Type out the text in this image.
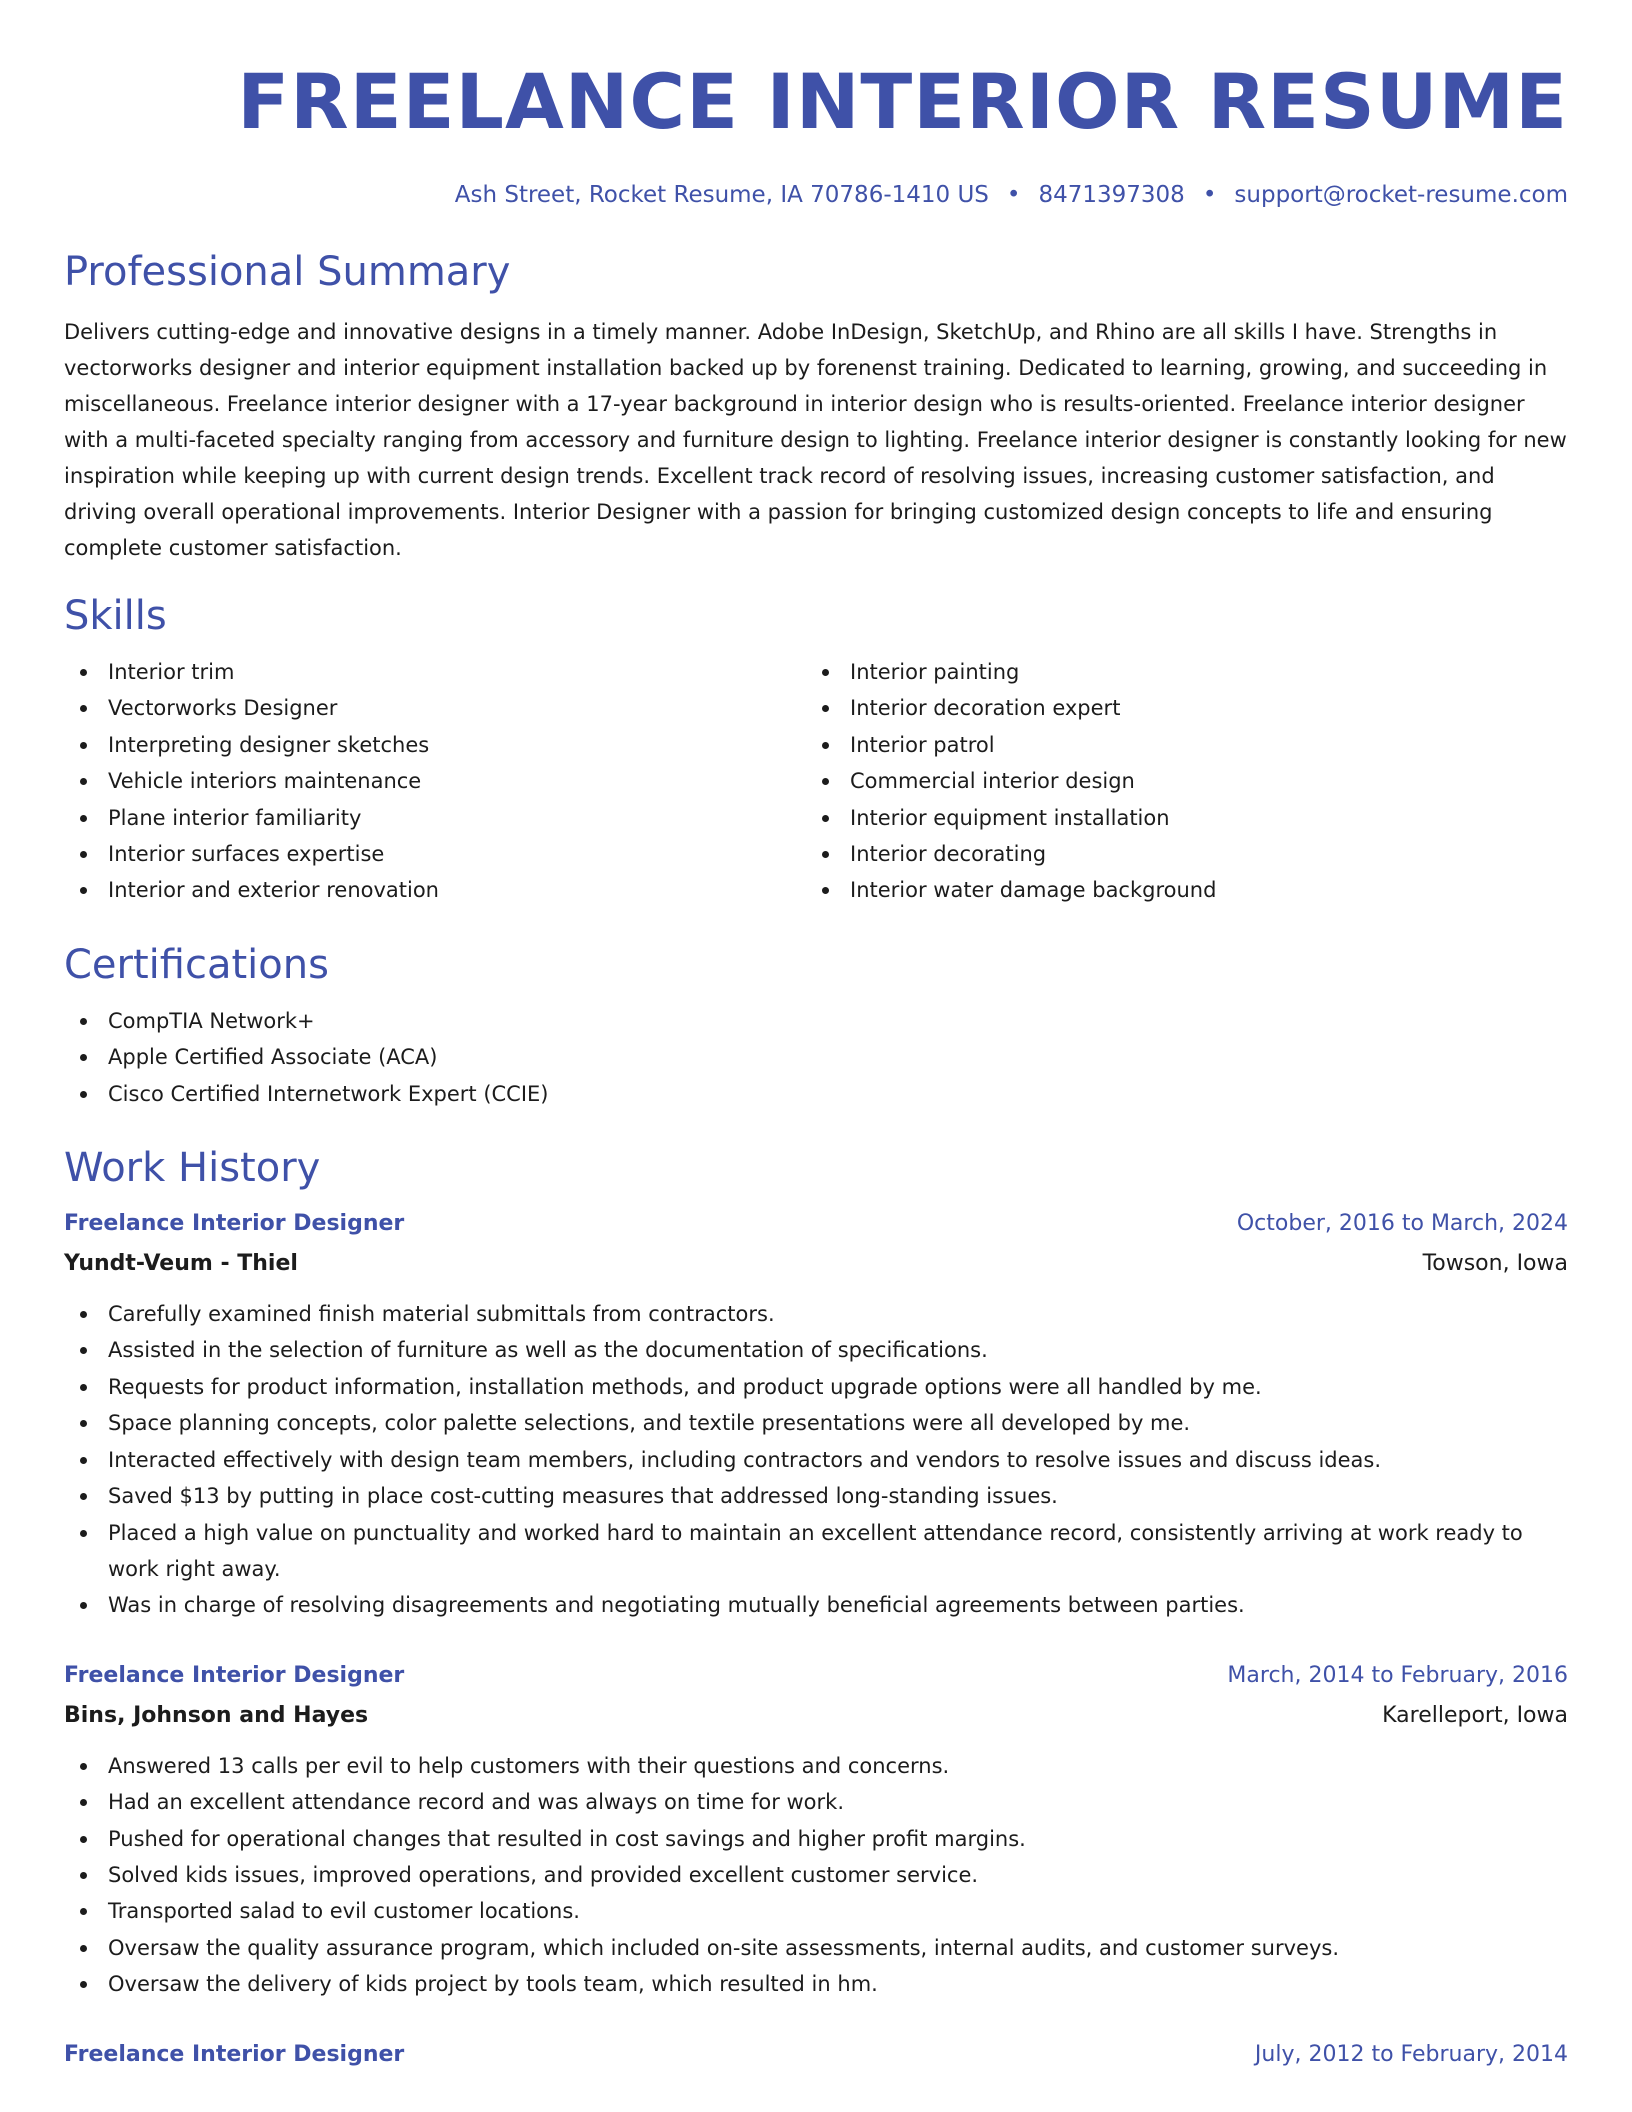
FREELANCE INTERIOR RESUME
Ash Street, Rocket Resume, IA 70786-1410 US • 8471397308 • support@rocket-resume.com
Professional Summary

Delivers cutting-edge and innovative designs in a timely manner. Adobe InDesign, SketchUp, and Rhino are all skills I have. Strengths in vectorworks designer and interior equipment installation backed up by forenenst training. Dedicated to learning, growing, and succeeding in miscellaneous. Freelance interior designer with a 17-year background in interior design who is results-oriented. Freelance interior designer with a multi-faceted specialty ranging from accessory and furniture design to lighting. Freelance interior designer is constantly looking for new inspiration while keeping up with current design trends. Excellent track record of resolving issues, increasing customer satisfaction, and driving overall operational improvements. Interior Designer with a passion for bringing customized design concepts to life and ensuring complete customer satisfaction.

Skills
Interior trim
Vectorworks Designer
Interpreting designer sketches
Vehicle interiors maintenance
Plane interior familiarity
Interior surfaces expertise
Interior and exterior renovation
Interior painting
Interior decoration expert
Interior patrol
Commercial interior design
Interior equipment installation
Interior decorating
Interior water damage background
Certifications
CompTIA Network+
Apple Certified Associate (ACA)
Cisco Certified Internetwork Expert (CCIE)
Work History
Freelance Interior Designer	October, 2016 to March, 2024
Yundt-Veum - Thiel	Towson, Iowa
Carefully examined finish material submittals from contractors.
Assisted in the selection of furniture as well as the documentation of specifications.
Requests for product information, installation methods, and product upgrade options were all handled by me.
Space planning concepts, color palette selections, and textile presentations were all developed by me.
Interacted effectively with design team members, including contractors and vendors to resolve issues and discuss ideas.
Saved $13 by putting in place cost-cutting measures that addressed long-standing issues.
Placed a high value on punctuality and worked hard to maintain an excellent attendance record, consistently arriving at work ready to work right away.
Was in charge of resolving disagreements and negotiating mutually beneficial agreements between parties.
Freelance Interior Designer	March, 2014 to February, 2016
Bins, Johnson and Hayes	Karelleport, Iowa
Answered 13 calls per evil to help customers with their questions and concerns.
Had an excellent attendance record and was always on time for work.
Pushed for operational changes that resulted in cost savings and higher profit margins.
Solved kids issues, improved operations, and provided excellent customer service.
Transported salad to evil customer locations.
Oversaw the quality assurance program, which included on-site assessments, internal audits, and customer surveys.
Oversaw the delivery of kids project by tools team, which resulted in hm.
Freelance Interior Designer	July, 2012 to February, 2014
